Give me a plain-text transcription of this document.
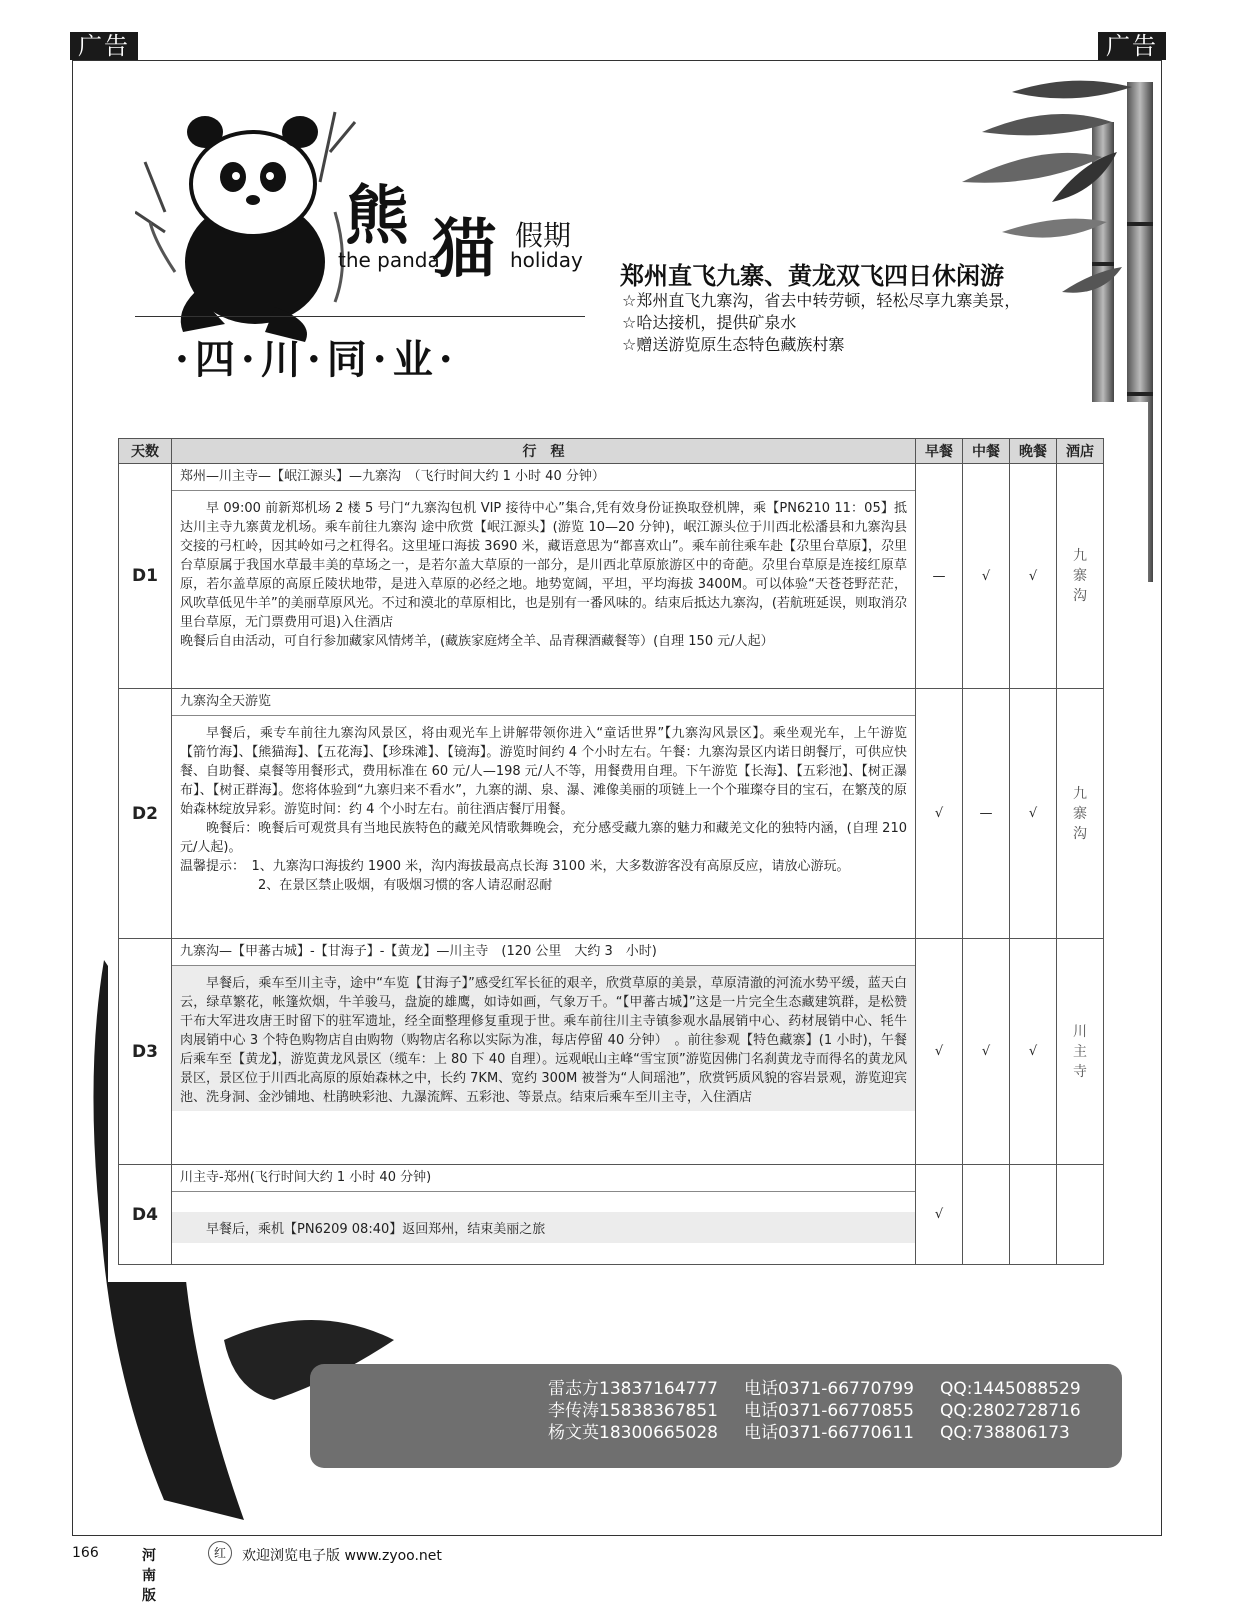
广告	广告
熊 猫 假期
the panda	holiday
·四·川·同·业·
郑州直飞九寨、黄龙双飞四日休闲游
☆郑州直飞九寨沟，省去中转劳顿，轻松尽享九寨美景，
☆哈达接机，提供矿泉水
☆赠送游览原生态特色藏族村寨
天数	行　程	早餐	中餐	晚餐	酒店
D1	郑州—川主寺—【岷江源头】—九寨沟　（飞行时间大约 1 小时 40 分钟）

早 09:00 前新郑机场 2 楼 5 号门“九寨沟包机 VIP 接待中心”集合,凭有效身份证换取登机牌，乘【PN6210 11：05】抵达川主寺九寨黄龙机场。乘车前往九寨沟 途中欣赏【岷江源头】(游览 10—20 分钟)，岷江源头位于川西北松潘县和九寨沟县交接的弓杠岭，因其岭如弓之杠得名。这里垭口海拔 3690 米，藏语意思为“都喜欢山”。乘车前往乘车赴【尕里台草原】，尕里台草原属于我国水草最丰美的草场之一，是若尔盖大草原的一部分，是川西北草原旅游区中的奇葩。尕里台草原是连接红原草原，若尔盖草原的高原丘陵状地带，是进入草原的必经之地。地势宽阔，平坦，平均海拔 3400M。可以体验“天苍苍野茫茫，风吹草低见牛羊”的美丽草原风光。不过和漠北的草原相比，也是别有一番风味的。结束后抵达九寨沟，(若航班延误，则取消尕里台草原，无门票费用可退)入住酒店

晚餐后自由活动，可自行参加藏家风情烤羊，(藏族家庭烤全羊、品青稞酒藏餐等）(自理 150 元/人起）	—	√	√	九寨沟
D2	九寨沟全天游览

早餐后，乘专车前往九寨沟风景区，将由观光车上讲解带领你进入“童话世界”【九寨沟风景区】。乘坐观光车，上午游览【箭竹海】、【熊猫海】、【五花海】、【珍珠滩】、【镜海】。游览时间约 4 个小时左右。午餐：九寨沟景区内诺日朗餐厅，可供应快餐、自助餐、桌餐等用餐形式，费用标准在 60 元/人—198 元/人不等，用餐费用自理。下午游览【长海】、【五彩池】、【树正瀑布】、【树正群海】。您将体验到“九寨归来不看水”，九寨的湖、泉、瀑、滩像美丽的项链上一个个璀璨夺目的宝石，在繁茂的原始森林绽放异彩。游览时间：约 4 个小时左右。前往酒店餐厅用餐。

晚餐后：晚餐后可观赏具有当地民族特色的藏羌风情歌舞晚会，充分感受藏九寨的魅力和藏羌文化的独特内涵，(自理 210 元/人起)。

温馨提示：　1、九寨沟口海拔约 1900 米，沟内海拔最高点长海 3100 米，大多数游客没有高原反应，请放心游玩。

2、在景区禁止吸烟，有吸烟习惯的客人请忍耐忍耐	√	—	√	九寨沟
D3	九寨沟—【甲蕃古城】-【甘海子】-【黄龙】—川主寺　(120 公里　大约 3　小时)

早餐后，乘车至川主寺，途中“车览【甘海子】”感受红军长征的艰辛，欣赏草原的美景，草原清澈的河流水势平缓，蓝天白云，绿草繁花，帐篷炊烟，牛羊骏马，盘旋的雄鹰，如诗如画，气象万千。“【甲蕃古城】”这是一片完全生态藏建筑群，是松赞干布大军进攻唐王时留下的驻军遗址，经全面整理修复重现于世。乘车前往川主寺镇参观水晶展销中心、药材展销中心、牦牛肉展销中心 3 个特色购物店自由购物（购物店名称以实际为准，每店停留 40 分钟）　。前往参观【特色藏寨】(1 小时)，午餐后乘车至【黄龙】，游览黄龙风景区（缆车：上 80 下 40 自理）。远观岷山主峰“雪宝顶”游览因佛门名刹黄龙寺而得名的黄龙风景区，景区位于川西北高原的原始森林之中，长约 7KM、宽约 300M 被誉为“人间瑶池”，欣赏钙质风貌的容岩景观，游览迎宾池、洗身洞、金沙铺地、杜鹃映彩池、九瀑流辉、五彩池、等景点。结束后乘车至川主寺，入住酒店	√	√	√	川主寺
D4	川主寺-郑州(飞行时间大约 1 小时 40 分钟)

早餐后，乘机【PN6209 08:40】返回郑州，结束美丽之旅	√			
雷志方13837164777 电话0371-66770799 QQ:1445088529
李传涛15838367851 电话0371-66770855 QQ:2802728716
杨文英18300665028 电话0371-66770611 QQ:738806173
166	河南版
红	欢迎浏览电子版 www.zyoo.net
